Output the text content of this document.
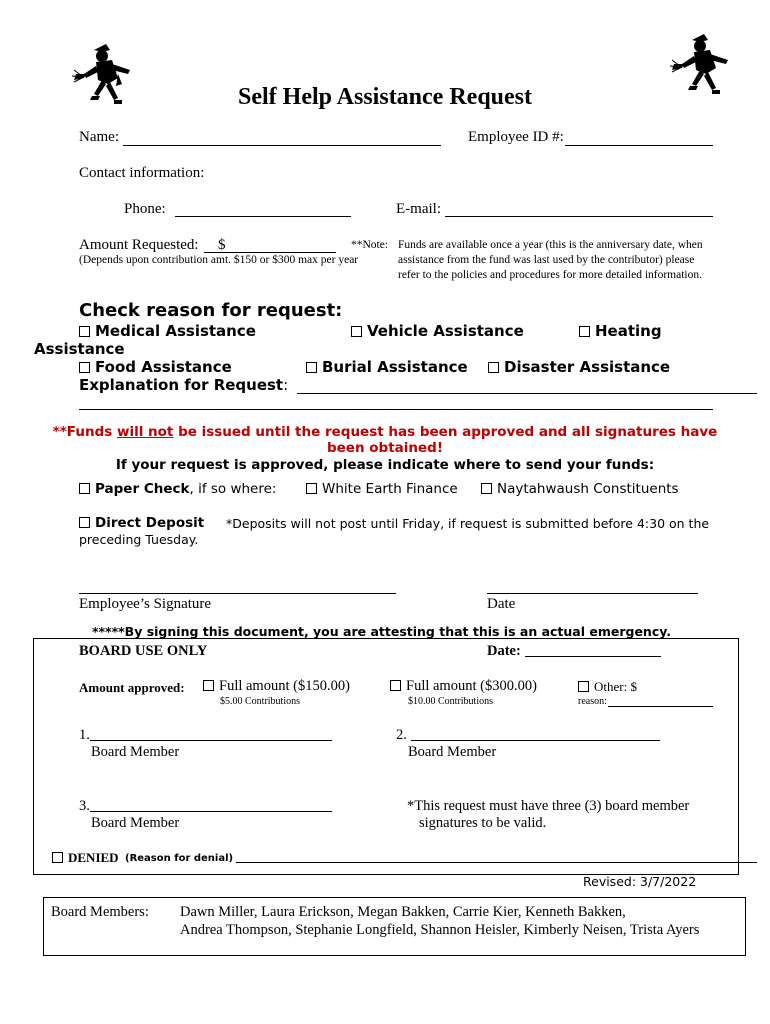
Self Help Assistance Request
Name:	Employee ID #:
Contact information:
Phone:	E-mail:
Amount Requested: $
(Depends upon contribution amt. $150 or $300 max per year
**Note: Funds are available once a year (this is the anniversary date, when
assistance from the fund was last used by the contributor) please
refer to the policies and procedures for more detailed information.
Check reason for request:
Medical Assistance	Vehicle Assistance	Heating
Assistance
Food Assistance	Burial Assistance	Disaster Assistance
Explanation for Request:
**Funds will not be issued until the request has been approved and all signatures have
been obtained!
If your request is approved, please indicate where to send your funds:
Paper Check, if so where:	White Earth Finance	Naytahwaush Constituents
Direct Deposit *Deposits will not post until Friday, if request is submitted before 4:30 on the
preceding Tuesday.
Employee’s Signature	Date
*****By signing this document, you are attesting that this is an actual emergency.
BOARD USE ONLY	Date:
Amount approved:	Full amount ($150.00)
$5.00 Contributions
Full amount ($300.00)
$10.00 Contributions
Other: $
reason:
1.
Board Member
2.
Board Member
3.
Board Member
*This request must have three (3) board member
signatures to be valid.
DENIED (Reason for denial)
Revised: 3/7/2022
Board Members: Dawn Miller, Laura Erickson, Megan Bakken, Carrie Kier, Kenneth Bakken,
Andrea Thompson, Stephanie Longfield, Shannon Heisler, Kimberly Neisen, Trista Ayers
